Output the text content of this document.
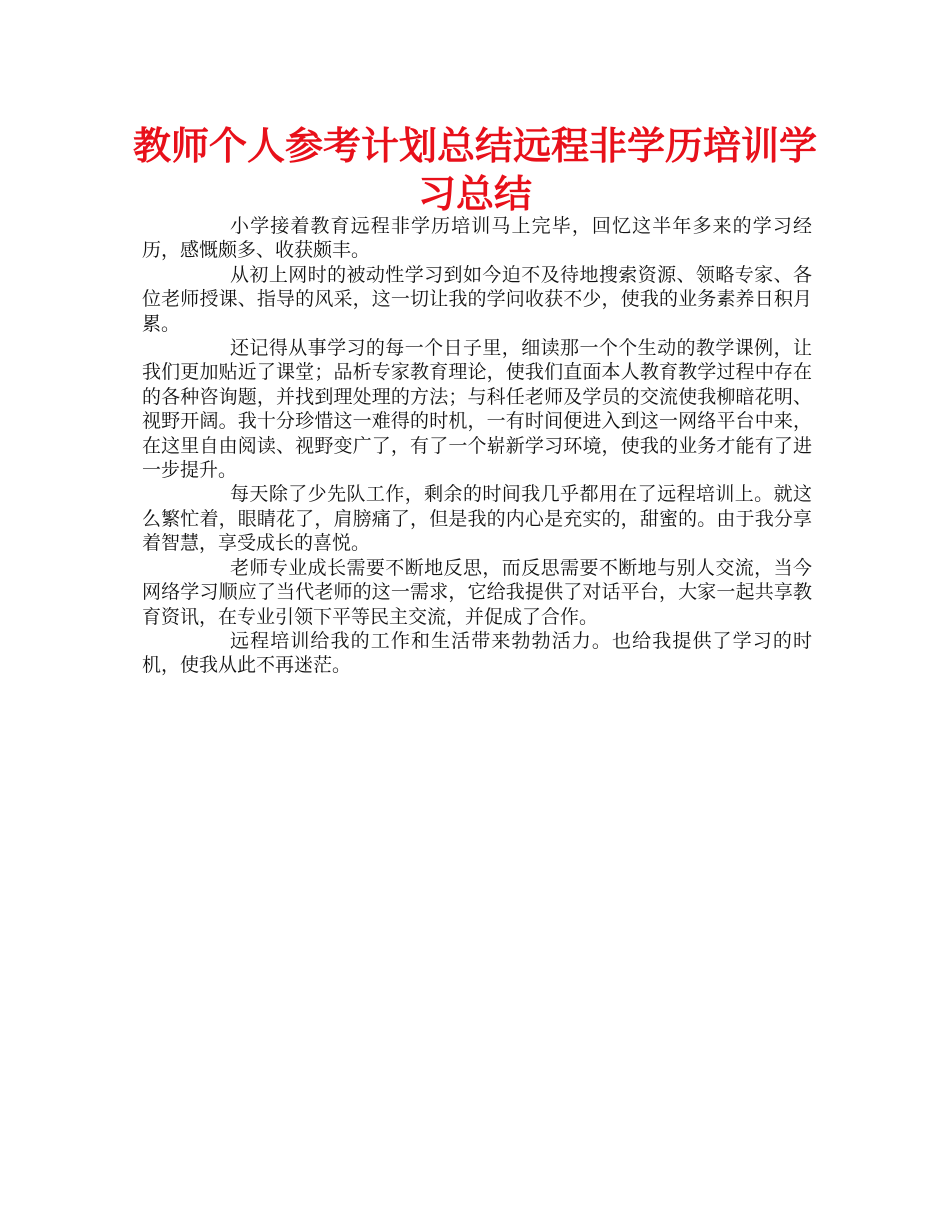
教师个人参考计划总结远程非学历培训学习总结

小学接着教育远程非学历培训马上完毕，回忆这半年多来的学习经历，感慨颇多、收获颇丰。

从初上网时的被动性学习到如今迫不及待地搜索资源、领略专家、各位老师授课、指导的风采，这一切让我的学问收获不少，使我的业务素养日积月累。

还记得从事学习的每一个日子里，细读那一个个生动的教学课例，让我们更加贴近了课堂；品析专家教育理论，使我们直面本人教育教学过程中存在的各种咨询题，并找到理处理的方法；与科任老师及学员的交流使我柳暗花明、视野开阔。我十分珍惜这一难得的时机，一有时间便进入到这一网络平台中来，在这里自由阅读、视野变广了，有了一个崭新学习环境，使我的业务才能有了进一步提升。

每天除了少先队工作，剩余的时间我几乎都用在了远程培训上。就这么繁忙着，眼睛花了，肩膀痛了，但是我的内心是充实的，甜蜜的。由于我分享着智慧，享受成长的喜悦。

老师专业成长需要不断地反思，而反思需要不断地与别人交流，当今网络学习顺应了当代老师的这一需求，它给我提供了对话平台，大家一起共享教育资讯，在专业引领下平等民主交流，并促成了合作。

远程培训给我的工作和生活带来勃勃活力。也给我提供了学习的时机，使我从此不再迷茫。
